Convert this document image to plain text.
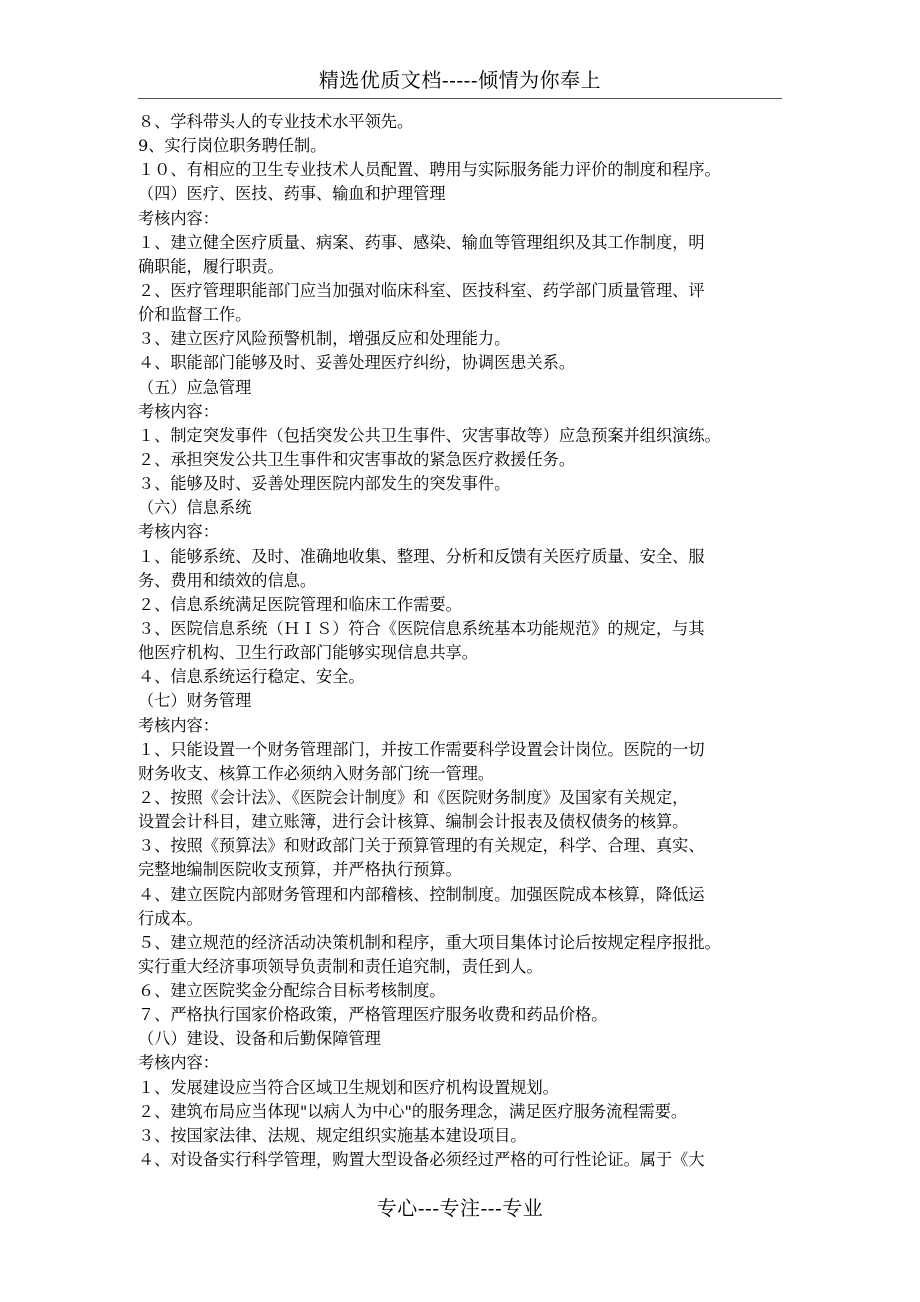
精选优质文档-----倾情为你奉上
８、学科带头人的专业技术水平领先。
9、实行岗位职务聘任制。
１０、有相应的卫生专业技术人员配置、聘用与实际服务能力评价的制度和程序。
（四）医疗、医技、药事、输血和护理管理
考核内容：
１、建立健全医疗质量、病案、药事、感染、输血等管理组织及其工作制度，明
确职能，履行职责。
２、医疗管理职能部门应当加强对临床科室、医技科室、药学部门质量管理、评
价和监督工作。
３、建立医疗风险预警机制，增强反应和处理能力。
４、职能部门能够及时、妥善处理医疗纠纷，协调医患关系。
（五）应急管理
考核内容：
１、制定突发事件（包括突发公共卫生事件、灾害事故等）应急预案并组织演练。
２、承担突发公共卫生事件和灾害事故的紧急医疗救援任务。
３、能够及时、妥善处理医院内部发生的突发事件。
（六）信息系统
考核内容：
１、能够系统、及时、准确地收集、整理、分析和反馈有关医疗质量、安全、服
务、费用和绩效的信息。
２、信息系统满足医院管理和临床工作需要。
３、医院信息系统（ＨＩＳ）符合《医院信息系统基本功能规范》的规定，与其
他医疗机构、卫生行政部门能够实现信息共享。
４、信息系统运行稳定、安全。
（七）财务管理
考核内容：
１、只能设置一个财务管理部门，并按工作需要科学设置会计岗位。医院的一切
财务收支、核算工作必须纳入财务部门统一管理。
２、按照《会计法》、《医院会计制度》和《医院财务制度》及国家有关规定，
设置会计科目，建立账簿，进行会计核算、编制会计报表及债权债务的核算。
３、按照《预算法》和财政部门关于预算管理的有关规定，科学、合理、真实、
完整地编制医院收支预算，并严格执行预算。
４、建立医院内部财务管理和内部稽核、控制制度。加强医院成本核算，降低运
行成本。
５、建立规范的经济活动决策机制和程序，重大项目集体讨论后按规定程序报批。
实行重大经济事项领导负责制和责任追究制，责任到人。
６、建立医院奖金分配综合目标考核制度。
７、严格执行国家价格政策，严格管理医疗服务收费和药品价格。
（八）建设、设备和后勤保障管理
考核内容：
１、发展建设应当符合区域卫生规划和医疗机构设置规划。
２、建筑布局应当体现"以病人为中心"的服务理念，满足医疗服务流程需要。
３、按国家法律、法规、规定组织实施基本建设项目。
４、对设备实行科学管理，购置大型设备必须经过严格的可行性论证。属于《大
专心---专注---专业
